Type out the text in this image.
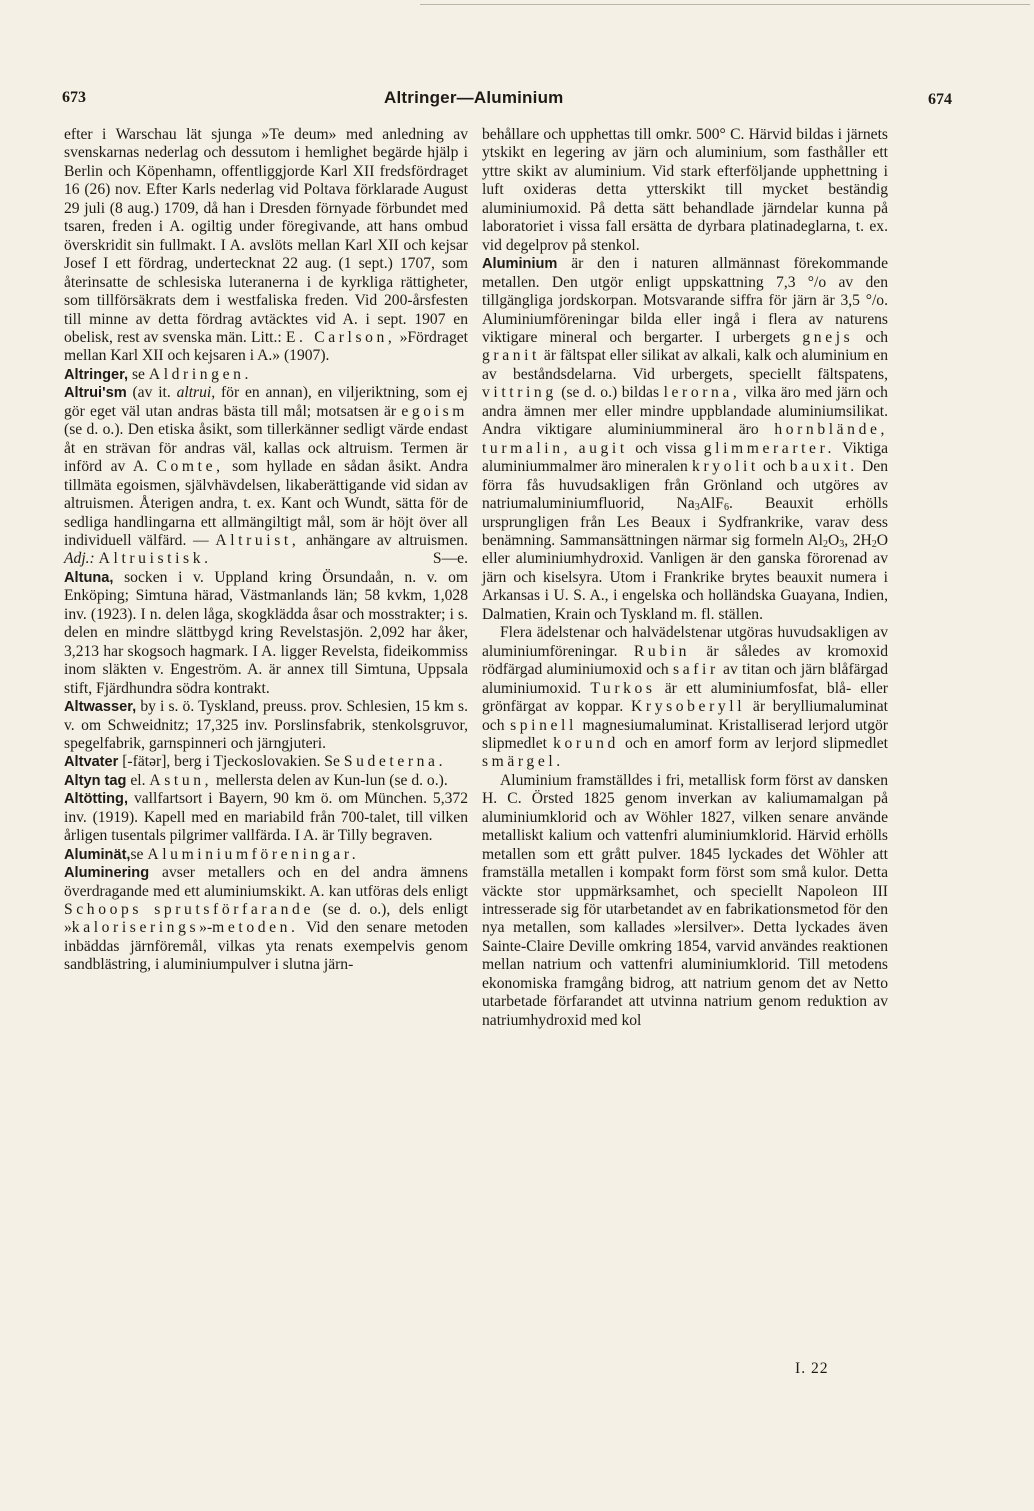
673	Altringer—Aluminium	674

efter i Warschau lät sjunga »Te deum» med anledning av svenskarnas nederlag och dessutom i hemlighet begärde hjälp i Berlin och Köpenhamn, offentliggjorde Karl XII fredsfördraget 16 (26) nov. Efter Karls nederlag vid Poltava förklarade August 29 juli (8 aug.) 1709, då han i Dresden förnyade förbundet med tsaren, freden i A. ogiltig under föregivande, att hans ombud överskridit sin fullmakt. I A. avslöts mellan Karl XII och kejsar Josef I ett fördrag, undertecknat 22 aug. (1 sept.) 1707, som återinsatte de schlesiska luteranerna i de kyrkliga rättigheter, som tillförsäkrats dem i westfaliska freden. Vid 200-årsfesten till minne av detta fördrag avtäcktes vid A. i sept. 1907 en obelisk, rest av svenska män. Litt.: E. Carlson, »Fördraget mellan Karl XII och kejsaren i A.» (1907).

Altringer, se Aldringen.

Altrui'sm (av it. altrui, för en annan), en viljeriktning, som ej gör eget väl utan andras bästa till mål; motsatsen är egoism (se d. o.). Den etiska åsikt, som tillerkänner sedligt värde endast åt en strävan för andras väl, kallas ock altruism. Termen är införd av A. Comte, som hyllade en sådan åsikt. Andra tillmäta egoismen, självhävdelsen, likaberättigande vid sidan av altruismen. Återigen andra, t. ex. Kant och Wundt, sätta för de sedliga handlingarna ett allmängiltigt mål, som är höjt över all individuell välfärd. — Altruist, anhängare av altruismen. Adj.: Altruistisk.	S—e.

Altuna, socken i v. Uppland kring Örsundaån, n. v. om Enköping; Simtuna härad, Västmanlands län; 58 kvkm, 1,028 inv. (1923). I n. delen låga, skogklädda åsar och mosstrakter; i s. delen en mindre slättbygd kring Revelstasjön. 2,092 har åker, 3,213 har skogsoch hagmark. I A. ligger Revelsta, fideikommiss inom släkten v. Engeström. A. är annex till Simtuna, Uppsala stift, Fjärdhundra södra kontrakt.

Altwasser, by i s. ö. Tyskland, preuss. prov. Schlesien, 15 km s. v. om Schweidnitz; 17,325 inv. Porslinsfabrik, stenkolsgruvor, spegelfabrik, garnspinneri och järngjuteri.

Altvater [-fätər], berg i Tjeckoslovakien. Se Sudeterna.

Altyn tag el. Astun, mellersta delen av Kun-lun (se d. o.).

Altötting, vallfartsort i Bayern, 90 km ö. om München. 5,372 inv. (1919). Kapell med en mariabild från 700-talet, till vilken årligen tusentals pilgrimer vallfärda. I A. är Tilly begraven.

Aluminät,se Aluminiumföreningar.

Aluminering avser metallers och en del andra ämnens överdragande med ett aluminiumskikt. A. kan utföras dels enligt Schoops sprutsförfarande (se d. o.), dels enligt »kaloriserings»-metoden. Vid den senare metoden inbäddas järnföremål, vilkas yta renats exempelvis genom sandblästring, i aluminiumpulver i slutna järn-

behållare och upphettas till omkr. 500° C. Härvid bildas i järnets ytskikt en legering av järn och aluminium, som fasthåller ett yttre skikt av aluminium. Vid stark efterföljande upphettning i luft oxideras detta ytterskikt till mycket beständig aluminiumoxid. På detta sätt behandlade järndelar kunna på laboratoriet i vissa fall ersätta de dyrbara platinadeglarna, t. ex. vid degelprov på stenkol.

Aluminium är den i naturen allmännast förekommande metallen. Den utgör enligt uppskattning 7,3 °/o av den tillgängliga jordskorpan. Motsvarande siffra för järn är 3,5 °/o. Aluminiumföreningar bilda eller ingå i flera av naturens viktigare mineral och bergarter. I urbergets gnejs och granit är fältspat eller silikat av alkali, kalk och aluminium en av beståndsdelarna. Vid urbergets, speciellt fältspatens, vittring (se d. o.) bildas lerorna, vilka äro med järn och andra ämnen mer eller mindre uppblandade aluminiumsilikat. Andra viktigare aluminiummineral äro hornblände, turmalin, augit och vissa glimmerarter. Viktiga aluminiummalmer äro mineralen kryolit och bauxit. Den förra fås huvudsakligen från Grönland och utgöres av natriumaluminiumfluorid, $Na_3AlF_6$. Beauxit erhölls ursprungligen från Les Beaux i Sydfrankrike, varav dess benämning. Sammansättningen närmar sig formeln $Al_2O_3$, $2H_2O$ eller aluminiumhydroxid. Vanligen är den ganska förorenad av järn och kiselsyra. Utom i Frankrike brytes beauxit numera i Arkansas i U. S. A., i engelska och holländska Guayana, Indien, Dalmatien, Krain och Tyskland m. fl. ställen.

Flera ädelstenar och halvädelstenar utgöras huvudsakligen av aluminiumföreningar. Rubin är således av kromoxid rödfärgad aluminiumoxid och safir av titan och järn blåfärgad aluminiumoxid. Turkos är ett aluminiumfosfat, blå- eller grönfärgat av koppar. Krysoberyll är berylliumaluminat och spinell magnesiumaluminat. Kristalliserad lerjord utgör slipmedlet korund och en amorf form av lerjord slipmedlet smärgel.

Aluminium framställdes i fri, metallisk form först av dansken H. C. Örsted 1825 genom inverkan av kaliumamalgan på aluminiumklorid och av Wöhler 1827, vilken senare använde metalliskt kalium och vattenfri aluminiumklorid. Härvid erhölls metallen som ett grått pulver. 1845 lyckades det Wöhler att framställa metallen i kompakt form först som små kulor. Detta väckte stor uppmärksamhet, och speciellt Napoleon III intresserade sig för utarbetandet av en fabrikationsmetod för den nya metallen, som kallades »lersilver». Detta lyckades även Sainte-Claire Deville omkring 1854, varvid användes reaktionen mellan natrium och vattenfri aluminiumklorid. Till metodens ekonomiska framgång bidrog, att natrium genom det av Netto utarbetade förfarandet att utvinna natrium genom reduktion av natriumhydroxid med kol

I. 22
